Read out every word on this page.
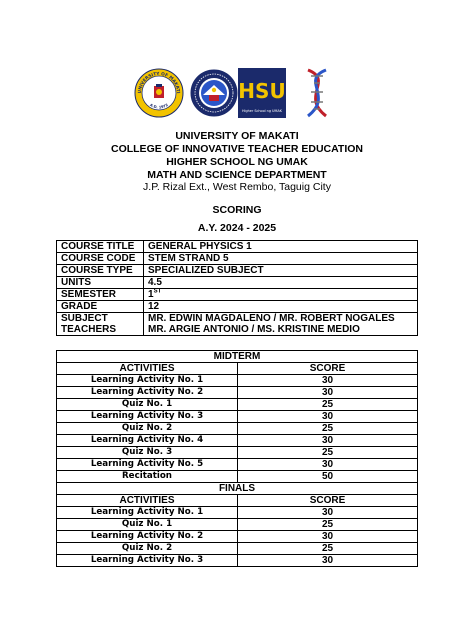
UNIVERSITY OF MAKATI
A.D. 1972
HSU
Higher School ng UMAK
UNIVERSITY OF MAKATI
COLLEGE OF INNOVATIVE TEACHER EDUCATION
HIGHER SCHOOL NG UMAK
MATH AND SCIENCE DEPARTMENT
J.P. Rizal Ext., West Rembo, Taguig City
SCORING
A.Y. 2024 - 2025
COURSE TITLE	GENERAL PHYSICS 1
COURSE CODE	STEM STRAND 5
COURSE TYPE	SPECIALIZED SUBJECT
UNITS	4.5
SEMESTER	1ST
GRADE	12

SUBJECT
TEACHERS	MR. EDWIN MAGDALENO / MR. ROBERT NOGALES
MR. ARGIE ANTONIO / MS. KRISTINE MEDIO
MIDTERM	
ACTIVITIES	SCORE
Learning Activity No. 1	30
Learning Activity No. 2	30
Quiz No. 1	25
Learning Activity No. 3	30
Quiz No. 2	25
Learning Activity No. 4	30
Quiz No. 3	25
Learning Activity No. 5	30
Recitation	50
FINALS	
ACTIVITIES	SCORE
Learning Activity No. 1	30
Quiz No. 1	25
Learning Activity No. 2	30
Quiz No. 2	25
Learning Activity No. 3	30
